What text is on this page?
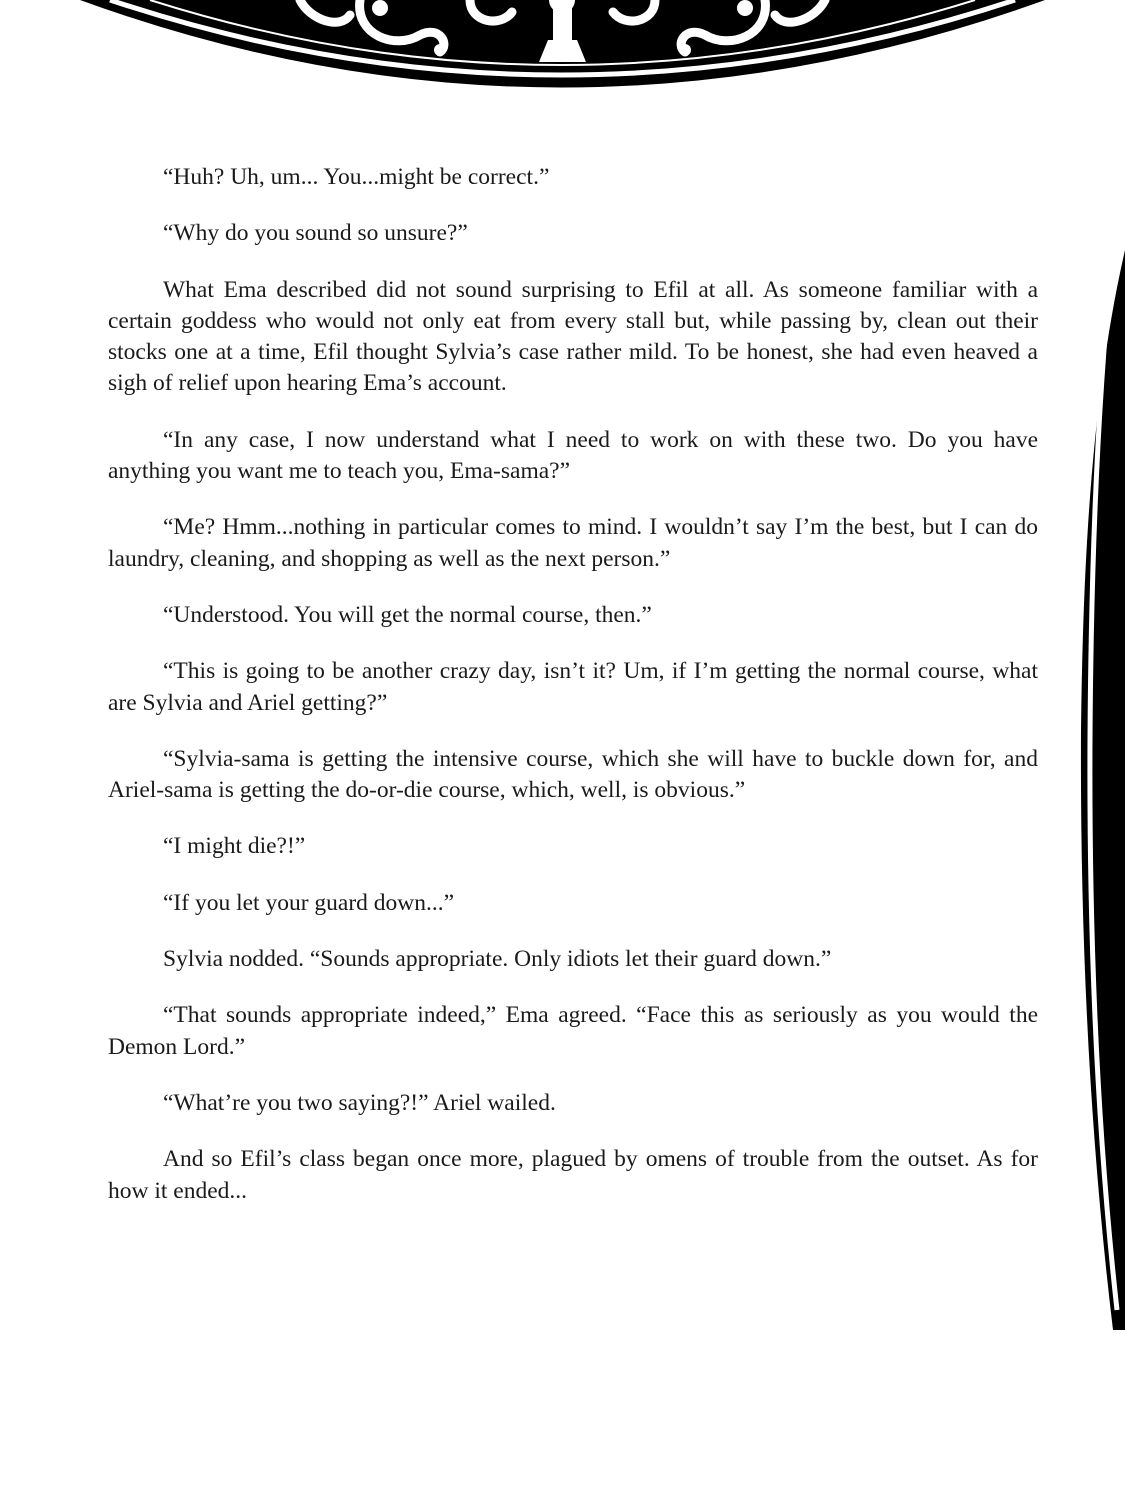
“Huh? Uh, um... You...might be correct.”

“Why do you sound so unsure?”

What Ema described did not sound surprising to Efil at all. As someone familiar with a certain goddess who would not only eat from every stall but, while passing by, clean out their stocks one at a time, Efil thought Sylvia’s case rather mild. To be honest, she had even heaved a sigh of relief upon hearing Ema’s account.

“In any case, I now understand what I need to work on with these two. Do you have anything you want me to teach you, Ema-sama?”

“Me? Hmm...nothing in particular comes to mind. I wouldn’t say I’m the best, but I can do laundry, cleaning, and shopping as well as the next person.”

“Understood. You will get the normal course, then.”

“This is going to be another crazy day, isn’t it? Um, if I’m getting the normal course, what are Sylvia and Ariel getting?”

“Sylvia-sama is getting the intensive course, which she will have to buckle down for, and Ariel-sama is getting the do-or-die course, which, well, is obvious.”

“I might die?!”

“If you let your guard down...”

Sylvia nodded. “Sounds appropriate. Only idiots let their guard down.”

“That sounds appropriate indeed,” Ema agreed. “Face this as seriously as you would the Demon Lord.”

“What’re you two saying?!” Ariel wailed.

And so Efil’s class began once more, plagued by omens of trouble from the outset. As for how it ended...
